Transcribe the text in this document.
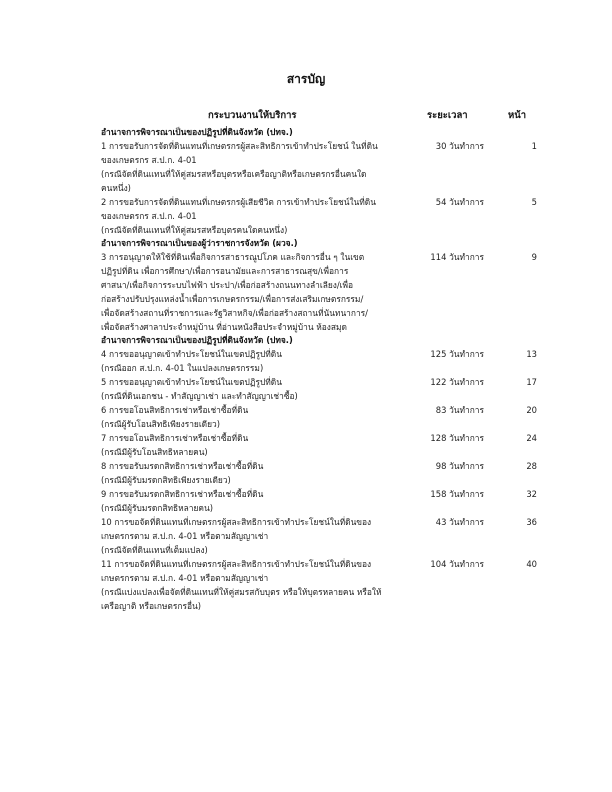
สารบัญ
กระบวนงานให้บริการ	ระยะเวลา	หน้า
อำนาจการพิจารณาเป็นของปฏิรูปที่ดินจังหวัด (ปทจ.)
1 การขอรับการจัดที่ดินแทนที่เกษตรกรผู้สละสิทธิการเข้าทำประโยชน์ ในที่ดิน
ของเกษตรกร ส.ป.ก. 4-01
(กรณีจัดที่ดินแทนที่ให้คู่สมรสหรือบุตรหรือเครือญาติหรือเกษตรกรอื่นคนใด
คนหนึ่ง)
30 วันทำการ	1
2 การขอรับการจัดที่ดินแทนที่เกษตรกรผู้เสียชีวิต การเข้าทำประโยชน์ในที่ดิน
ของเกษตรกร ส.ป.ก. 4-01
(กรณีจัดที่ดินแทนที่ให้คู่สมรสหรือบุตรคนใดคนหนึ่ง)
54 วันทำการ	5
อำนาจการพิจารณาเป็นของผู้ว่าราชการจังหวัด (ผวจ.)
3 การอนุญาตให้ใช้ที่ดินเพื่อกิจการสาธารณูปโภค และกิจการอื่น ๆ ในเขต
ปฏิรูปที่ดิน เพื่อการศึกษา/เพื่อการอนามัยและการสาธารณสุข/เพื่อการ
ศาสนา/เพื่อกิจการระบบไฟฟ้า ประปา/เพื่อก่อสร้างถนนทางลำเลียง/เพื่อ
ก่อสร้างปรับปรุงแหล่งน้ำเพื่อการเกษตรกรรม/เพื่อการส่งเสริมเกษตรกรรม/
เพื่อจัดสร้างสถานที่ราชการและรัฐวิสาหกิจ/เพื่อก่อสร้างสถานที่นันทนาการ/
เพื่อจัดสร้างศาลาประจำหมู่บ้าน ที่อ่านหนังสือประจำหมู่บ้าน ห้องสมุด
114 วันทำการ	9
อำนาจการพิจารณาเป็นของปฏิรูปที่ดินจังหวัด (ปทจ.)
4 การขออนุญาตเข้าทำประโยชน์ในเขตปฏิรูปที่ดิน
(กรณีออก ส.ป.ก. 4-01 ในแปลงเกษตรกรรม)
125 วันทำการ	13
5 การขออนุญาตเข้าทำประโยชน์ในเขตปฏิรูปที่ดิน
(กรณีที่ดินเอกชน - ทำสัญญาเช่า และทำสัญญาเช่าซื้อ)
122 วันทำการ	17
6 การขอโอนสิทธิการเช่าหรือเช่าซื้อที่ดิน
(กรณีผู้รับโอนสิทธิเพียงรายเดียว)
83 วันทำการ	20
7 การขอโอนสิทธิการเช่าหรือเช่าซื้อที่ดิน
(กรณีมีผู้รับโอนสิทธิหลายคน)
128 วันทำการ	24
8 การขอรับมรดกสิทธิการเช่าหรือเช่าซื้อที่ดิน
(กรณีมีผู้รับมรดกสิทธิเพียงรายเดียว)
98 วันทำการ	28
9 การขอรับมรดกสิทธิการเช่าหรือเช่าซื้อที่ดิน
(กรณีมีผู้รับมรดกสิทธิหลายคน)
158 วันทำการ	32
10 การขอจัดที่ดินแทนที่เกษตรกรผู้สละสิทธิการเข้าทำประโยชน์ในที่ดินของ
เกษตรกรตาม ส.ป.ก. 4-01 หรือตามสัญญาเช่า
(กรณีจัดที่ดินแทนที่เต็มแปลง)
43 วันทำการ	36
11 การขอจัดที่ดินแทนที่เกษตรกรผู้สละสิทธิการเข้าทำประโยชน์ในที่ดินของ
เกษตรกรตาม ส.ป.ก. 4-01 หรือตามสัญญาเช่า
(กรณีแบ่งแปลงเพื่อจัดที่ดินแทนที่ให้คู่สมรสกับบุตร หรือให้บุตรหลายคน หรือให้
เครือญาติ หรือเกษตรกรอื่น)
104 วันทำการ	40
